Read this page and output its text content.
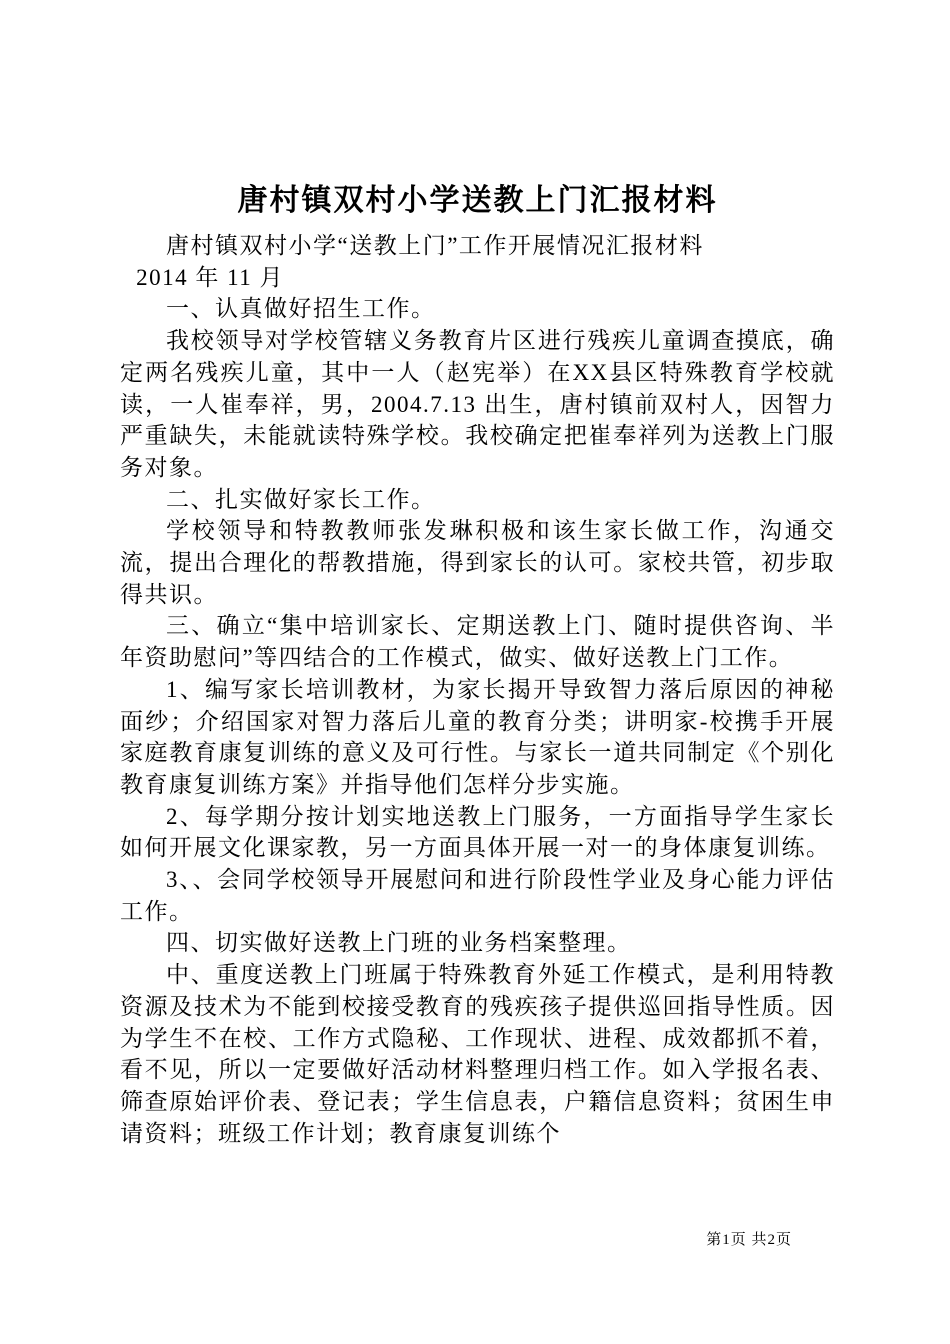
唐村镇双村小学送教上门汇报材料

唐村镇双村小学“送教上门”工作开展情况汇报材料

2014 年 11 月

一、认真做好招生工作。

我校领导对学校管辖义务教育片区进行残疾儿童调查摸底，确定两名残疾儿童，其中一人（赵宪举）在XX县区特殊教育学校就读，一人崔奉祥，男，2004.7.13 出生，唐村镇前双村人，因智力严重缺失，未能就读特殊学校。我校确定把崔奉祥列为送教上门服务对象。

二、扎实做好家长工作。

学校领导和特教教师张发琳积极和该生家长做工作，沟通交流，提出合理化的帮教措施，得到家长的认可。家校共管，初步取得共识。

三、确立“集中培训家长、定期送教上门、随时提供咨询、半年资助慰问”等四结合的工作模式，做实、做好送教上门工作。

1、编写家长培训教材，为家长揭开导致智力落后原因的神秘面纱；介绍国家对智力落后儿童的教育分类；讲明家-校携手开展家庭教育康复训练的意义及可行性。与家长一道共同制定《个别化教育康复训练方案》并指导他们怎样分步实施。

2、每学期分按计划实地送教上门服务，一方面指导学生家长如何开展文化课家教，另一方面具体开展一对一的身体康复训练。

3、、会同学校领导开展慰问和进行阶段性学业及身心能力评估工作。

四、切实做好送教上门班的业务档案整理。

中、重度送教上门班属于特殊教育外延工作模式，是利用特教资源及技术为不能到校接受教育的残疾孩子提供巡回指导性质。因为学生不在校、工作方式隐秘、工作现状、进程、成效都抓不着，看不见，所以一定要做好活动材料整理归档工作。如入学报名表、筛查原始评价表、登记表；学生信息表，户籍信息资料；贫困生申请资料；班级工作计划；教育康复训练个

第1页 共2页
